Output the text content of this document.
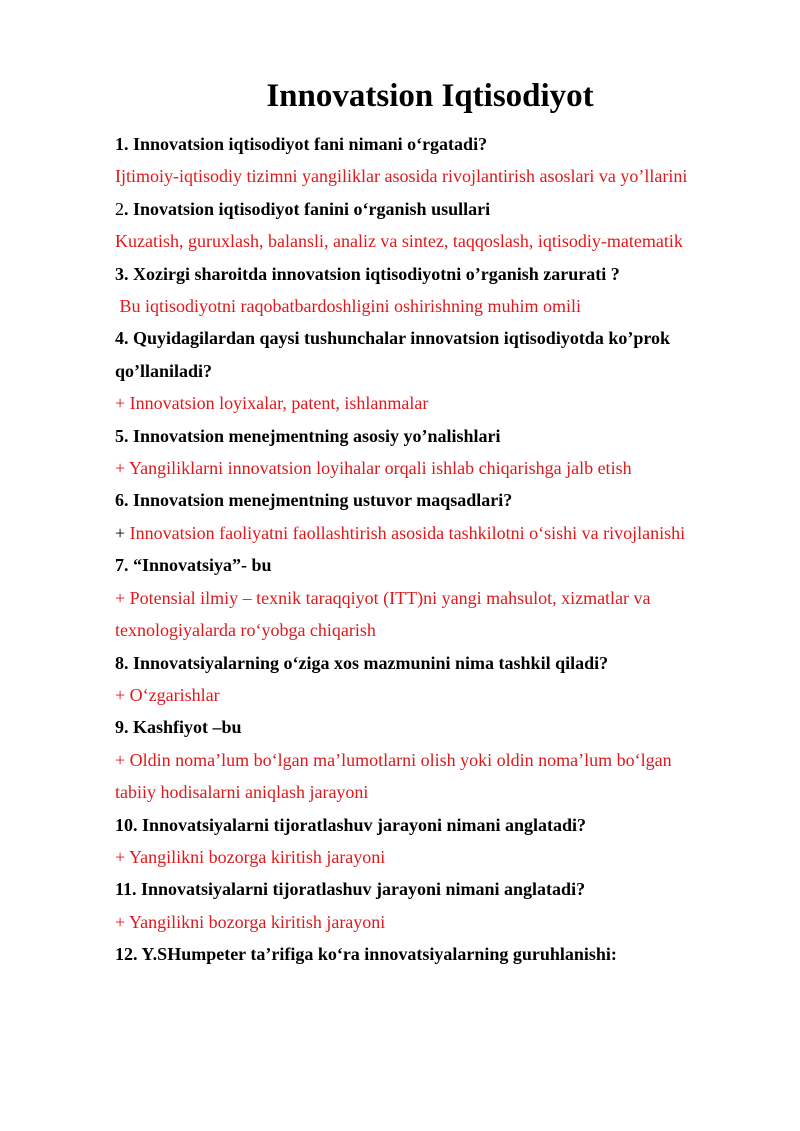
Innovatsion Iqtisodiyot

1. Innovatsion iqtisodiyot fani nimani o‘rgatadi?

Ijtimoiy-iqtisodiy tizimni yangiliklar asosida rivojlantirish asoslari va yo’llarini

2. Inovatsion iqtisodiyot fanini o‘rganish usullari

Kuzatish, guruxlash, balansli, analiz va sintez, taqqoslash, iqtisodiy-matematik

3. Xozirgi sharoitda innovatsion iqtisodiyotni o’rganish zarurati ?

Bu iqtisodiyotni raqobatbardoshligini oshirishning muhim omili

4. Quyidagilardan qaysi tushunchalar innovatsion iqtisodiyotda ko’prok

qo’llaniladi?

+ Innovatsion loyixalar, patent, ishlanmalar

5. Innovatsion menejmentning asosiy yo’nalishlari

+ Yangiliklarni innovatsion loyihalar orqali ishlab chiqarishga jalb etish

6. Innovatsion menejmentning ustuvor maqsadlari?

+ Innovatsion faoliyatni faollashtirish asosida tashkilotni o‘sishi va rivojlanishi

7. “Innovatsiya”- bu

+ Potensial ilmiy – texnik taraqqiyot (ITT)ni yangi mahsulot, xizmatlar va

texnologiyalarda ro‘yobga chiqarish

8. Innovatsiyalarning o‘ziga xos mazmunini nima tashkil qiladi?

+ O‘zgarishlar

9. Kashfiyot –bu

+ Oldin noma’lum bo‘lgan ma’lumotlarni olish yoki oldin noma’lum bo‘lgan

tabiiy hodisalarni aniqlash jarayoni

10. Innovatsiyalarni tijoratlashuv jarayoni nimani anglatadi?

+ Yangilikni bozorga kiritish jarayoni

11. Innovatsiyalarni tijoratlashuv jarayoni nimani anglatadi?

+ Yangilikni bozorga kiritish jarayoni

12. Y.SHumpeter ta’rifiga ko‘ra innovatsiyalarning guruhlanishi:
